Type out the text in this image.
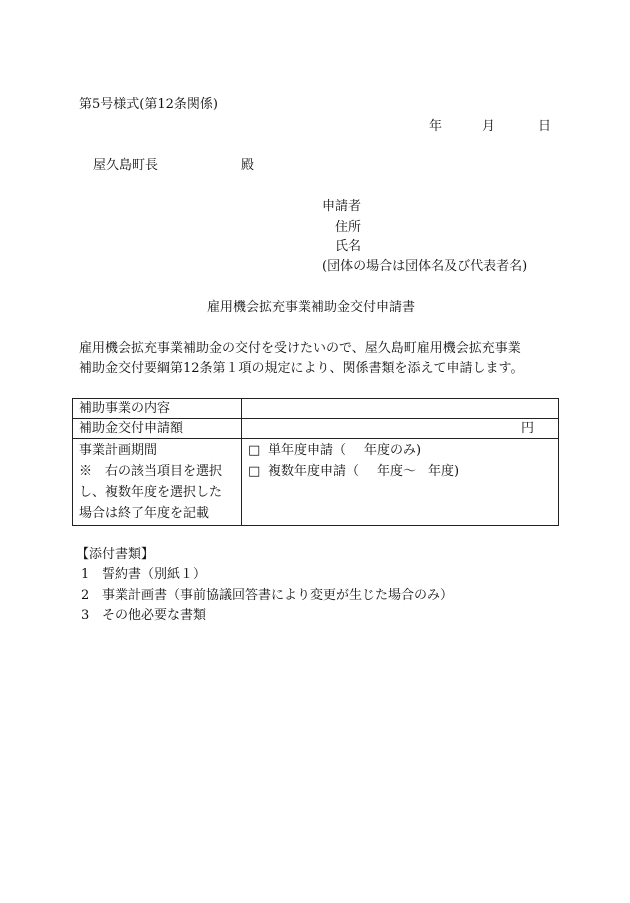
第5号様式(第12条関係)
年	月	日
屋久島町長	殿
申請者
住所
氏名
(団体の場合は団体名及び代表者名)
雇用機会拡充事業補助金交付申請書
雇用機会拡充事業補助金の交付を受けたいので、屋久島町雇用機会拡充事業
補助金交付要綱第12条第１項の規定により、関係書類を添えて申請します。
補助事業の内容	
補助金交付申請額	円

事業計画期間
※　右の該当項目を選択
し、複数年度を選択した
場合は終了年度を記載	□ 単年度申請（ 年度のみ)
□ 複数年度申請（ 年度～ 年度)
【添付書類】
1 誓約書（別紙１）
2 事業計画書（事前協議回答書により変更が生じた場合のみ）
3 その他必要な書類
